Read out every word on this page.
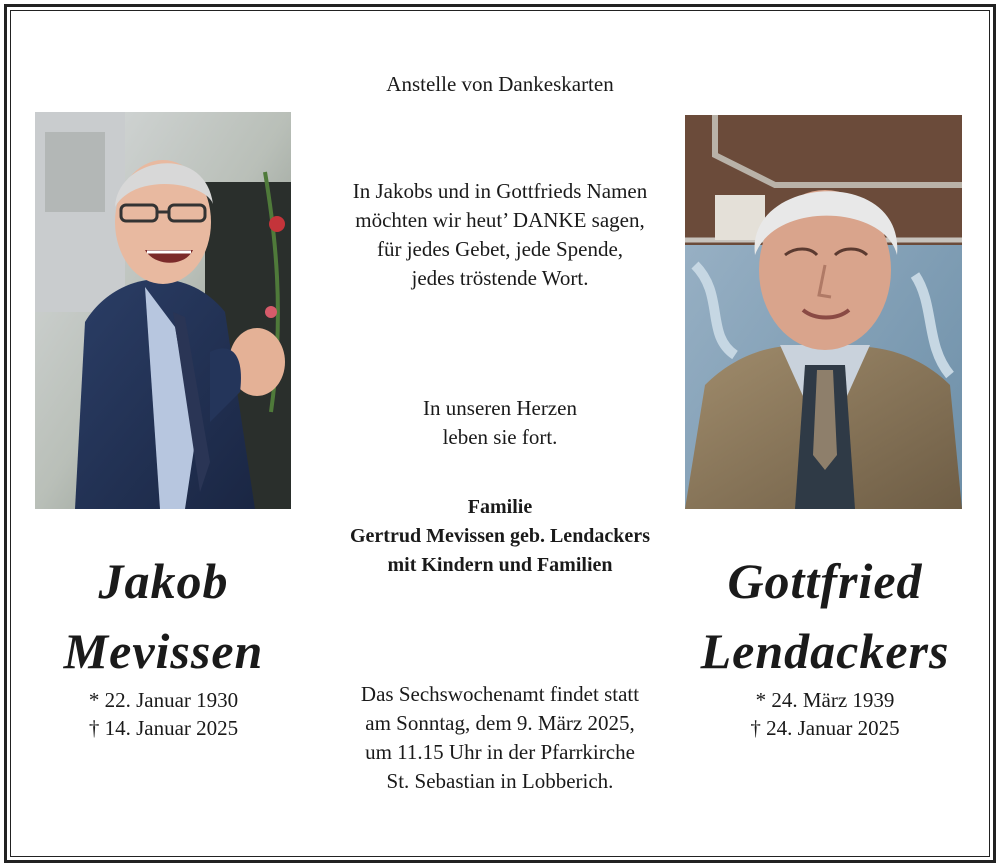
Anstelle von Dankeskarten
In Jakobs und in Gottfrieds Namen
möchten wir heut’ DANKE sagen,
für jedes Gebet, jede Spende,
jedes tröstende Wort.
In unseren Herzen
leben sie fort.
Familie
Gertrud Mevissen geb. Lendackers
mit Kindern und Familien
Jakob
Mevissen
Gottfried
Lendackers
* 22. Januar 1930
† 14. Januar 2025
* 24. März 1939
† 24. Januar 2025
Das Sechswochenamt findet statt
am Sonntag, dem 9. März 2025,
um 11.15 Uhr in der Pfarrkirche
St. Sebastian in Lobberich.
